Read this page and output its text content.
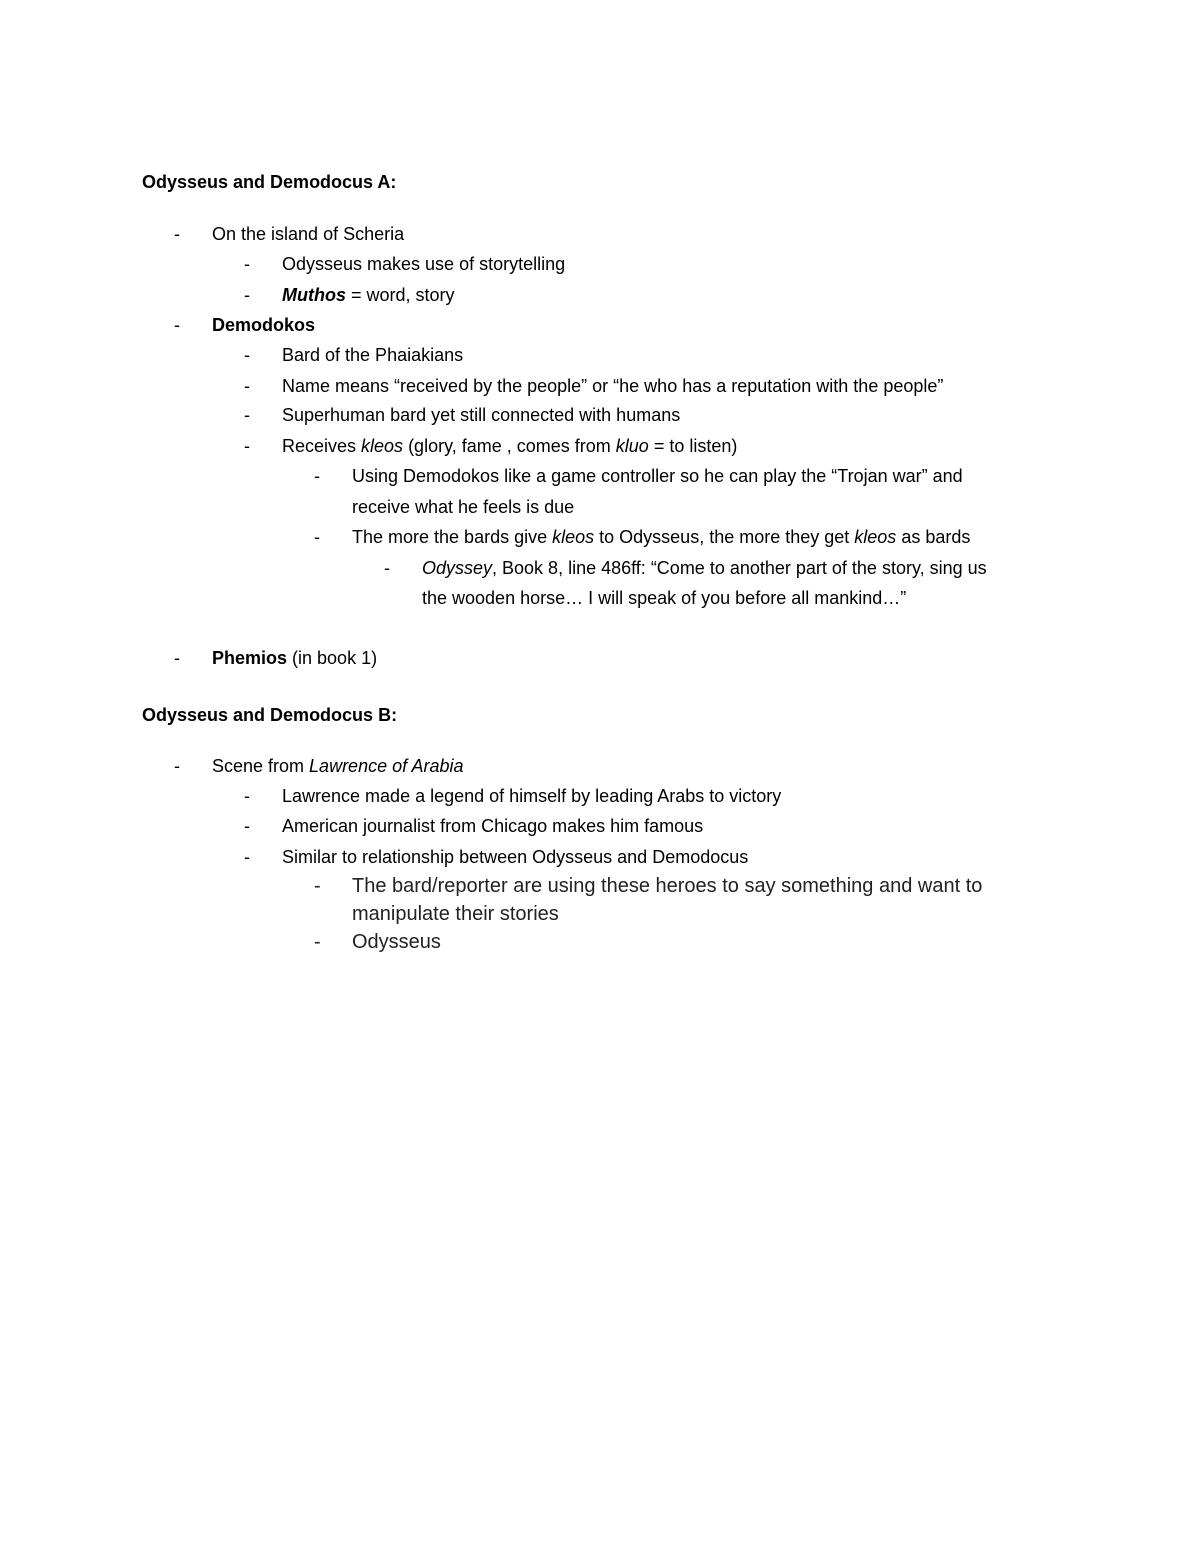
Odysseus and Demodocus A:
- On the island of Scheria
- Odysseus makes use of storytelling
- Muthos = word, story
- Demodokos
- Bard of the Phaiakians
- Name means “received by the people” or “he who has a reputation with the people”
- Superhuman bard yet still connected with humans
- Receives kleos (glory, fame , comes from kluo = to listen)
- Using Demodokos like a game controller so he can play the “Trojan war” and
receive what he feels is due
- The more the bards give kleos to Odysseus, the more they get kleos as bards
- Odyssey, Book 8, line 486ff: “Come to another part of the story, sing us
the wooden horse… I will speak of you before all mankind…”
- Phemios (in book 1)
Odysseus and Demodocus B:
- Scene from Lawrence of Arabia
- Lawrence made a legend of himself by leading Arabs to victory
- American journalist from Chicago makes him famous
- Similar to relationship between Odysseus and Demodocus
- The bard/reporter are using these heroes to say something and want to
manipulate their stories
- Odysseus
